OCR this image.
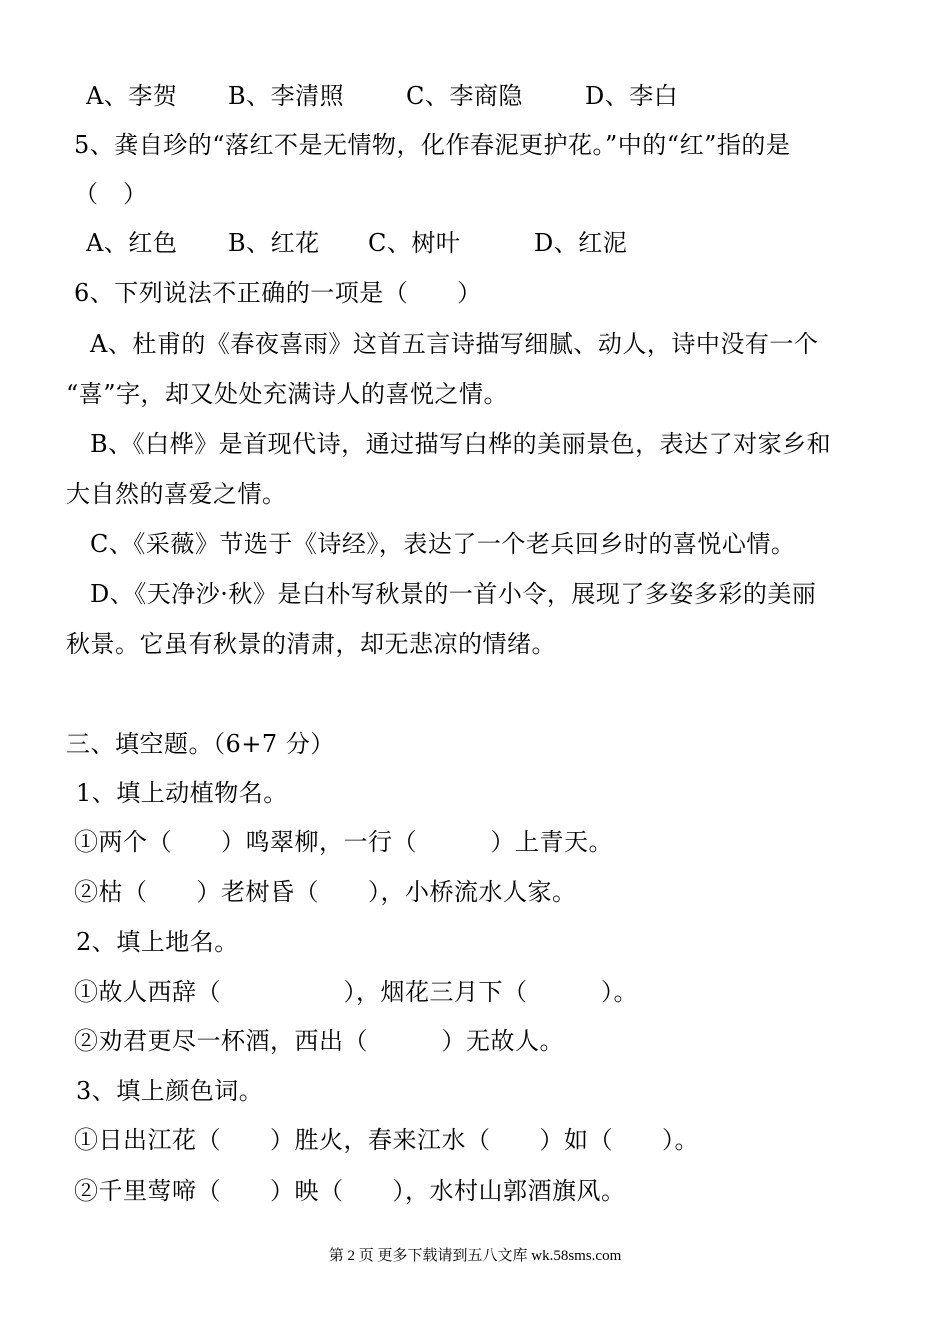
A、李贺 B、李清照	C、李商隐	D、李白
5、龚自珍的“落红不是无情物，化作春泥更护花。”中的“红”指的是
（　）
A、红色 B、红花 C、树叶	D、红泥
6、下列说法不正确的一项是（　　）
A、杜甫的《春夜喜雨》这首五言诗描写细腻、动人，诗中没有一个
“喜”字，却又处处充满诗人的喜悦之情。
B、《白桦》是首现代诗，通过描写白桦的美丽景色，表达了对家乡和
大自然的喜爱之情。
C、《采薇》节选于《诗经》，表达了一个老兵回乡时的喜悦心情。
D、《天净沙·秋》是白朴写秋景的一首小令，展现了多姿多彩的美丽
秋景。它虽有秋景的清肃，却无悲凉的情绪。
三、填空题。（6+7 分）
1、填上动植物名。
①两个（　　）鸣翠柳，一行（　　　）上青天。
②枯（　　）老树昏（　　），小桥流水人家。
2、填上地名。
①故人西辞（　　　　　），烟花三月下（　　　）。
②劝君更尽一杯酒，西出（　　　）无故人。
3、填上颜色词。
①日出江花（　　）胜火，春来江水（　　）如（　　）。
②千里莺啼（　　）映（　　），水村山郭酒旗风。
第 2 页 更多下载请到五八文库 wk.58sms.com
